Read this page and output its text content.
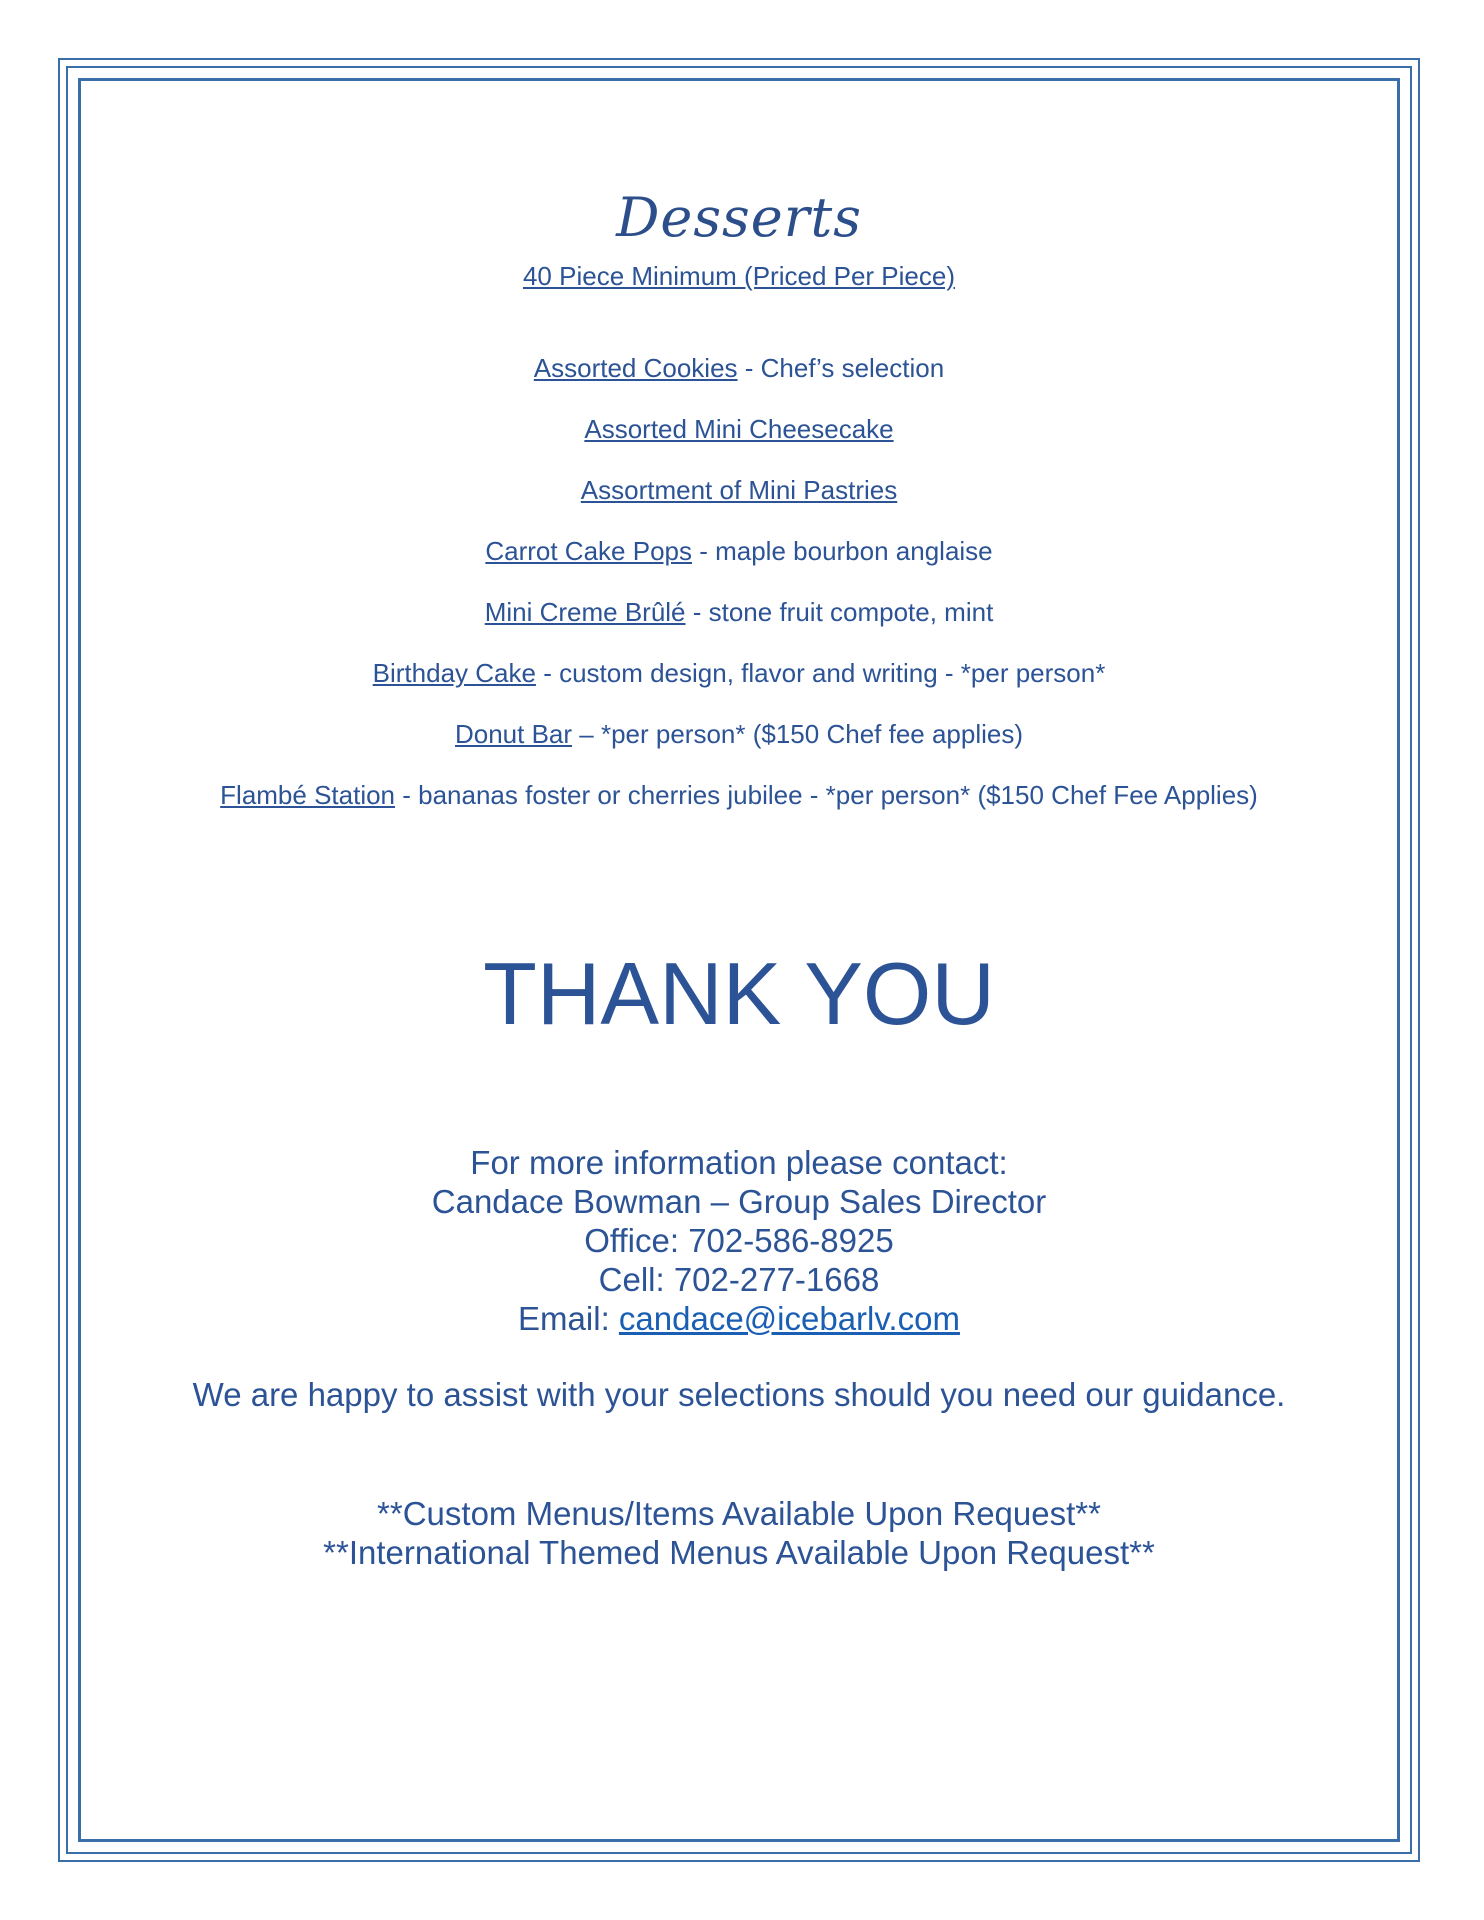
Desserts
40 Piece Minimum (Priced Per Piece)
Assorted Cookies - Chef’s selection
Assorted Mini Cheesecake
Assortment of Mini Pastries
Carrot Cake Pops - maple bourbon anglaise
Mini Creme Brûlé - stone fruit compote, mint
Birthday Cake - custom design, flavor and writing - *per person*
Donut Bar – *per person* ($150 Chef fee applies)
Flambé Station - bananas foster or cherries jubilee - *per person* ($150 Chef Fee Applies)
THANK YOU
For more information please contact:
Candace Bowman – Group Sales Director
Office: 702-586-8925
Cell: 702-277-1668
Email: candace@icebarlv.com
We are happy to assist with your selections should you need our guidance.
**Custom Menus/Items Available Upon Request**
**International Themed Menus Available Upon Request**
